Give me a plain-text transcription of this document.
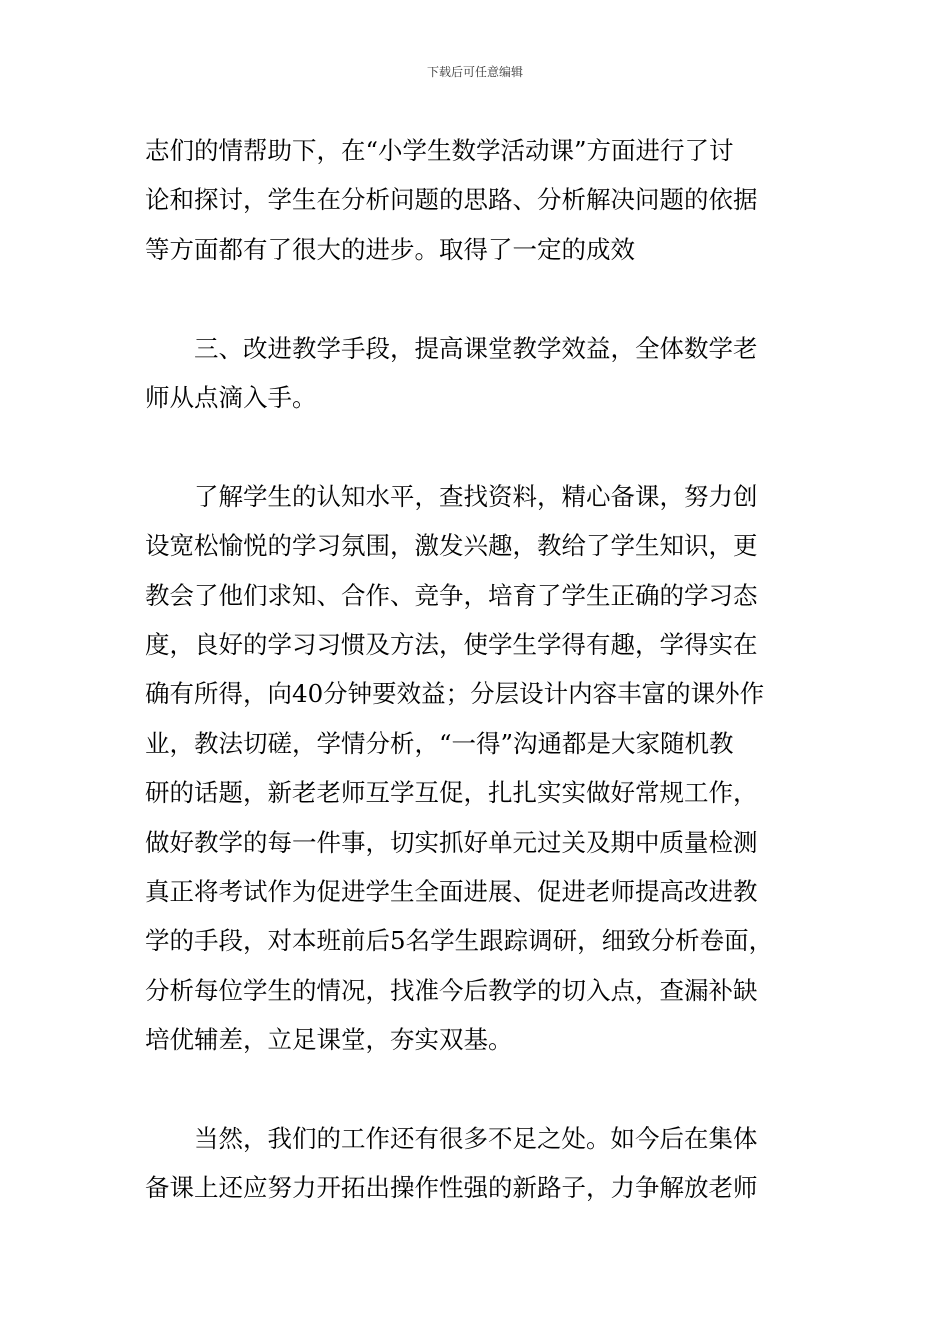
下载后可任意编辑
志们的情帮助下，在“小学生数学活动课”方面进行了讨
论和探讨，学生在分析问题的思路、分析解决问题的依据
等方面都有了很大的进步。取得了一定的成效
三、改进教学手段，提高课堂教学效益，全体数学老
师从点滴入手。
了解学生的认知水平，查找资料，精心备课，努力创
设宽松愉悦的学习氛围，激发兴趣，教给了学生知识，更
教会了他们求知、合作、竞争，培育了学生正确的学习态
度，良好的学习习惯及方法，使学生学得有趣，学得实在
确有所得，向40分钟要效益；分层设计内容丰富的课外作
业，教法切磋，学情分析，“一得”沟通都是大家随机教
研的话题，新老老师互学互促，扎扎实实做好常规工作，
做好教学的每一件事，切实抓好单元过关及期中质量检测
真正将考试作为促进学生全面进展、促进老师提高改进教
学的手段，对本班前后5名学生跟踪调研，细致分析卷面，
分析每位学生的情况，找准今后教学的切入点，查漏补缺
培优辅差，立足课堂，夯实双基。
当然，我们的工作还有很多不足之处。如今后在集体
备课上还应努力开拓出操作性强的新路子，力争解放老师
